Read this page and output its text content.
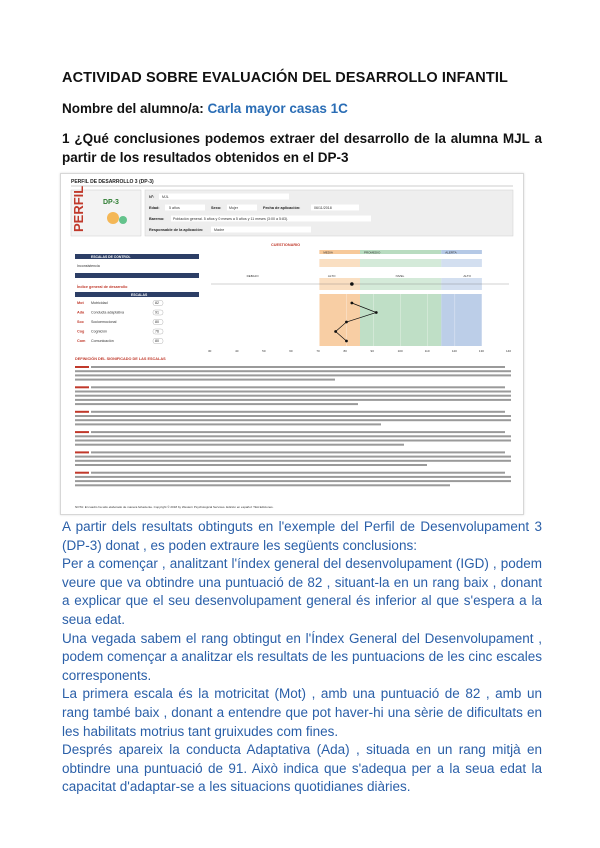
ACTIVIDAD SOBRE EVALUACIÓN DEL DESARROLLO INFANTIL
Nombre del alumno/a: Carla mayor casas 1C
1 ¿Qué conclusiones podemos extraer del desarrollo de la alumna MJL a partir de los resultados obtenidos en el DP-3
PERFIL DE DESARROLLO 3 (DP-3)
PERFIL DP-3
Nº: MJL
Edad:	5 años	Sexo: Mujer	Fecha de aplicación:	06/11/2018
Baremo: Población general. 5 años y 0 meses a 5 años y 11 meses (3:00 a 5:83).
Responsable de la aplicación:	Madre
CUESTIONARIO
MEDIA	PROMEDIO	ALERTA
ESCALAS DE CONTROL
Inconsistencia
Índice general de desarrollo
ESCALAS
Mot Motricidad	82
Ada Conducta adaptativa	91
Soc Socioemocional	80
Cog Cognición	76
Com Comunicación	80
DEBAJO	ALTO	NIVEL	ALTO
30	40	50	60	70	80	90	100	110	120	130	140
DEFINICIÓN DEL SIGNIFICADO DE LAS ESCALAS
NOTA: El cuadro ha sido elaborado de manera fehaciente. Copyright © 2018 by Western Psychological Services. Edición en español: TEA Ediciones.

A partir dels resultats obtinguts en l'exemple del Perfil de Desenvolupament 3 (DP-3) donat , es poden extraure les següents conclusions:

Per a començar , analitzant l'índex general del desenvolupament (IGD) , podem veure que va obtindre una puntuació de 82 , situant-la en un rang baix , donant a explicar que el seu desenvolupament general és inferior al que s'espera a la seua edat.

Una vegada sabem el rang obtingut en l'Índex General del Desenvolupament , podem començar a analitzar els resultats de les puntuacions de les cinc escales corresponents.

La primera escala és la motricitat (Mot) , amb una puntuació de 82 , amb un rang també baix , donant a entendre que pot haver-hi una sèrie de dificultats en les habilitats motrius tant gruixudes com fines.

Després apareix la conducta Adaptativa (Ada) , situada en un rang mitjà en obtindre una puntuació de 91. Això indica que s'adequa per a la seua edat la capacitat d'adaptar-se a les situacions quotidianes diàries.
